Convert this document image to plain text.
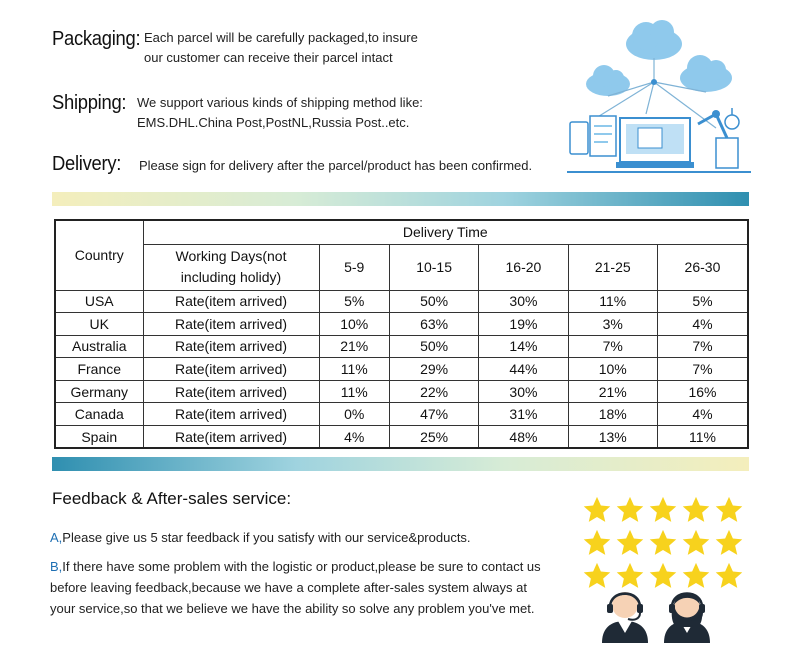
Packaging: Each parcel will be carefully packaged,to insure
our customer can receive their parcel intact
Shipping: We support various kinds of shipping method like:
EMS.DHL.China Post,PostNL,Russia Post..etc.
Delivery: Please sign for delivery after the parcel/product has been confirmed.
Country	Delivery Time					

	Working Days(not
including holidy)	5-9	10-15	16-20	21-25	26-30
USA	Rate(item arrived)	5%	50%	30%	11%	5%
UK	Rate(item arrived)	10%	63%	19%	3%	4%
Australia	Rate(item arrived)	21%	50%	14%	7%	7%
France	Rate(item arrived)	11%	29%	44%	10%	7%
Germany	Rate(item arrived)	11%	22%	30%	21%	16%
Canada	Rate(item arrived)	0%	47%	31%	18%	4%
Spain	Rate(item arrived)	4%	25%	48%	13%	11%
Feedback & After-sales service:
A,Please give us 5 star feedback if you satisfy with our service&products.
B,If there have some problem with the logistic or product,please be sure to contact us
before leaving feedback,because we have a complete after-sales system always at
your service,so that we believe we have the ability so solve any problem you've met.
